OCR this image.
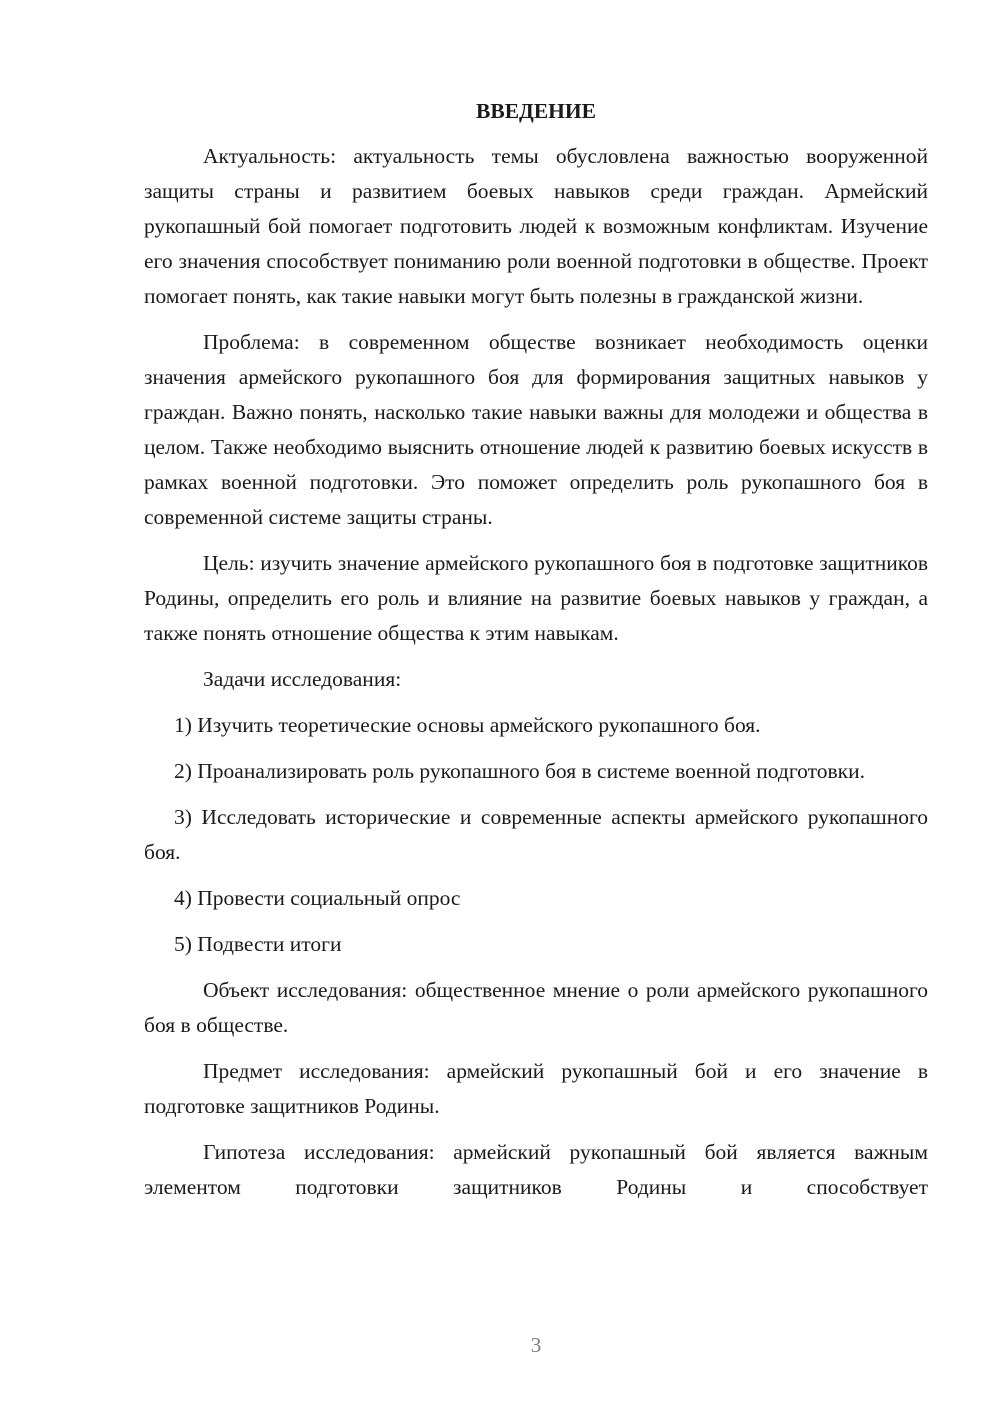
ВВЕДЕНИЕ

Актуальность: актуальность темы обусловлена важностью вооруженной защиты страны и развитием боевых навыков среди граждан. Армейский рукопашный бой помогает подготовить людей к возможным конфликтам. Изучение его значения способствует пониманию роли военной подготовки в обществе. Проект помогает понять, как такие навыки могут быть полезны в гражданской жизни.

Проблема: в современном обществе возникает необходимость оценки значения армейского рукопашного боя для формирования защитных навыков у граждан. Важно понять, насколько такие навыки важны для молодежи и общества в целом. Также необходимо выяснить отношение людей к развитию боевых искусств в рамках военной подготовки. Это поможет определить роль рукопашного боя в современной системе защиты страны.

Цель: изучить значение армейского рукопашного боя в подготовке защитников Родины, определить его роль и влияние на развитие боевых навыков у граждан, а также понять отношение общества к этим навыкам.

Задачи исследования:

1) Изучить теоретические основы армейского рукопашного боя.

2) Проанализировать роль рукопашного боя в системе военной подготовки.

3) Исследовать исторические и современные аспекты армейского рукопашного боя.

4) Провести социальный опрос

5) Подвести итоги

Объект исследования: общественное мнение о роли армейского рукопашного боя в обществе.

Предмет исследования: армейский рукопашный бой и его значение в подготовке защитников Родины.

Гипотеза исследования: армейский рукопашный бой является важным элементом подготовки защитников Родины и способствует

3
